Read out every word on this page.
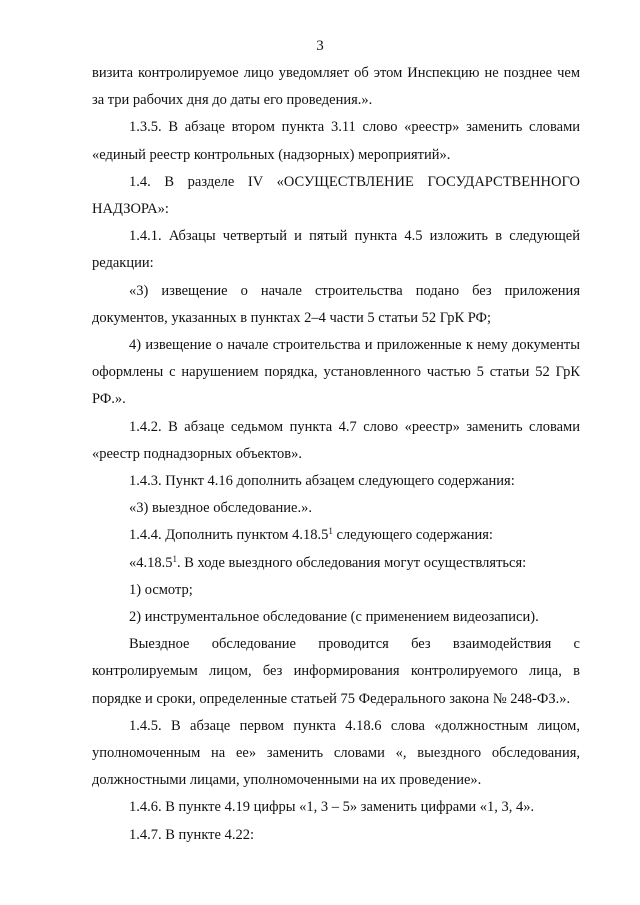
3

визита контролируемое лицо уведомляет об этом Инспекцию не позднее чем за три рабочих дня до даты его проведения.».

1.3.5. В абзаце втором пункта 3.11 слово «реестр» заменить словами «единый реестр контрольных (надзорных) мероприятий».

1.4. В разделе IV «ОСУЩЕСТВЛЕНИЕ ГОСУДАРСТВЕННОГО НАДЗОРА»:

1.4.1. Абзацы четвертый и пятый пункта 4.5 изложить в следующей редакции:

«3) извещение о начале строительства подано без приложения документов, указанных в пунктах 2–4 части 5 статьи 52 ГрК РФ;

4) извещение о начале строительства и приложенные к нему документы оформлены с нарушением порядка, установленного частью 5 статьи 52 ГрК РФ.».

1.4.2. В абзаце седьмом пункта 4.7 слово «реестр» заменить словами «реестр поднадзорных объектов».

1.4.3. Пункт 4.16 дополнить абзацем следующего содержания:

«3) выездное обследование.».

1.4.4. Дополнить пунктом 4.18.5$^1$ следующего содержания:

«4.18.5$^1$. В ходе выездного обследования могут осуществляться:

1) осмотр;

2) инструментальное обследование (с применением видеозаписи).

Выездное обследование проводится без взаимодействия с контролируемым лицом, без информирования контролируемого лица, в порядке и сроки, определенные статьей 75 Федерального закона № 248-ФЗ.».

1.4.5. В абзаце первом пункта 4.18.6 слова «должностным лицом, уполномоченным на ее» заменить словами «, выездного обследования, должностными лицами, уполномоченными на их проведение».

1.4.6. В пункте 4.19 цифры «1, 3 – 5» заменить цифрами «1, 3, 4».

1.4.7. В пункте 4.22:
